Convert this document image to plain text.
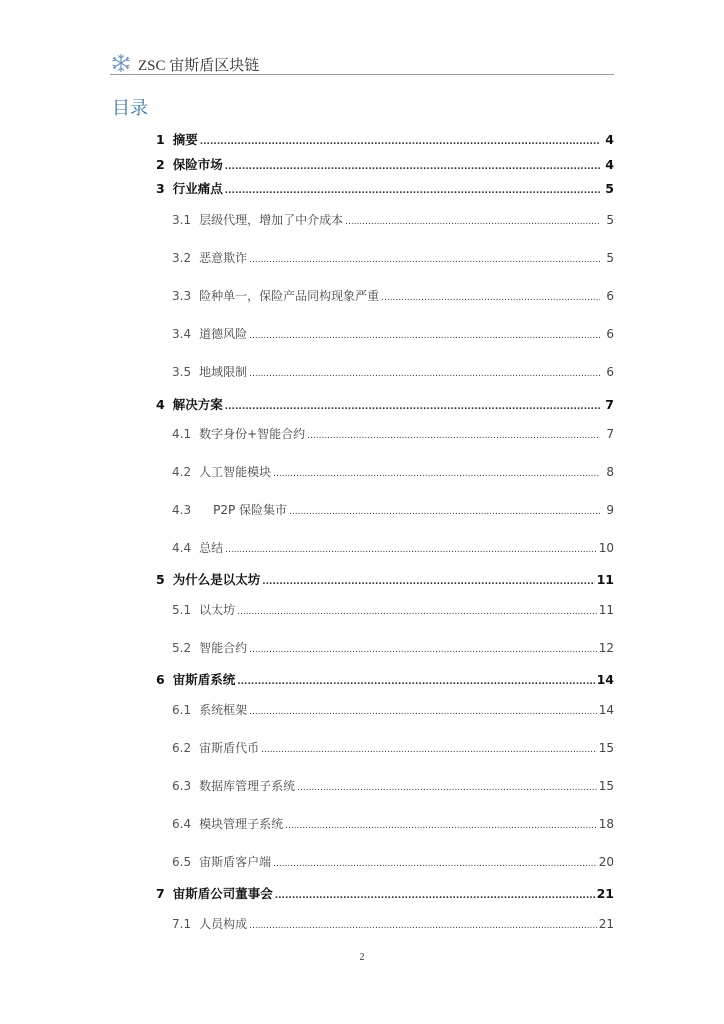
ZSC 宙斯盾区块链
目录
1 摘要 .....	4
2 保险市场 .....	4
3 行业痛点 .....	5
3.1 层级代理，增加了中介成本 .....	5
3.2 恶意欺诈 .....	5
3.3 险种单一，保险产品同构现象严重 .....	6
3.4 道德风险 .....	6
3.5 地域限制 .....	6
4 解决方案 .....	7
4.1 数字身份+智能合约 .....	7
4.2 人工智能模块 .....	8
4.3 P2P 保险集市 .....	9
4.4 总结 .....	10
5 为什么是以太坊 .....	11
5.1 以太坊 .....	11
5.2 智能合约 .....	12
6 宙斯盾系统 .....	14
6.1 系统框架 .....	14
6.2 宙斯盾代币 .....	15
6.3 数据库管理子系统 .....	15
6.4 模块管理子系统 .....	18
6.5 宙斯盾客户端 .....	20
7 宙斯盾公司董事会 .....	21
7.1 人员构成 .....	21
2
